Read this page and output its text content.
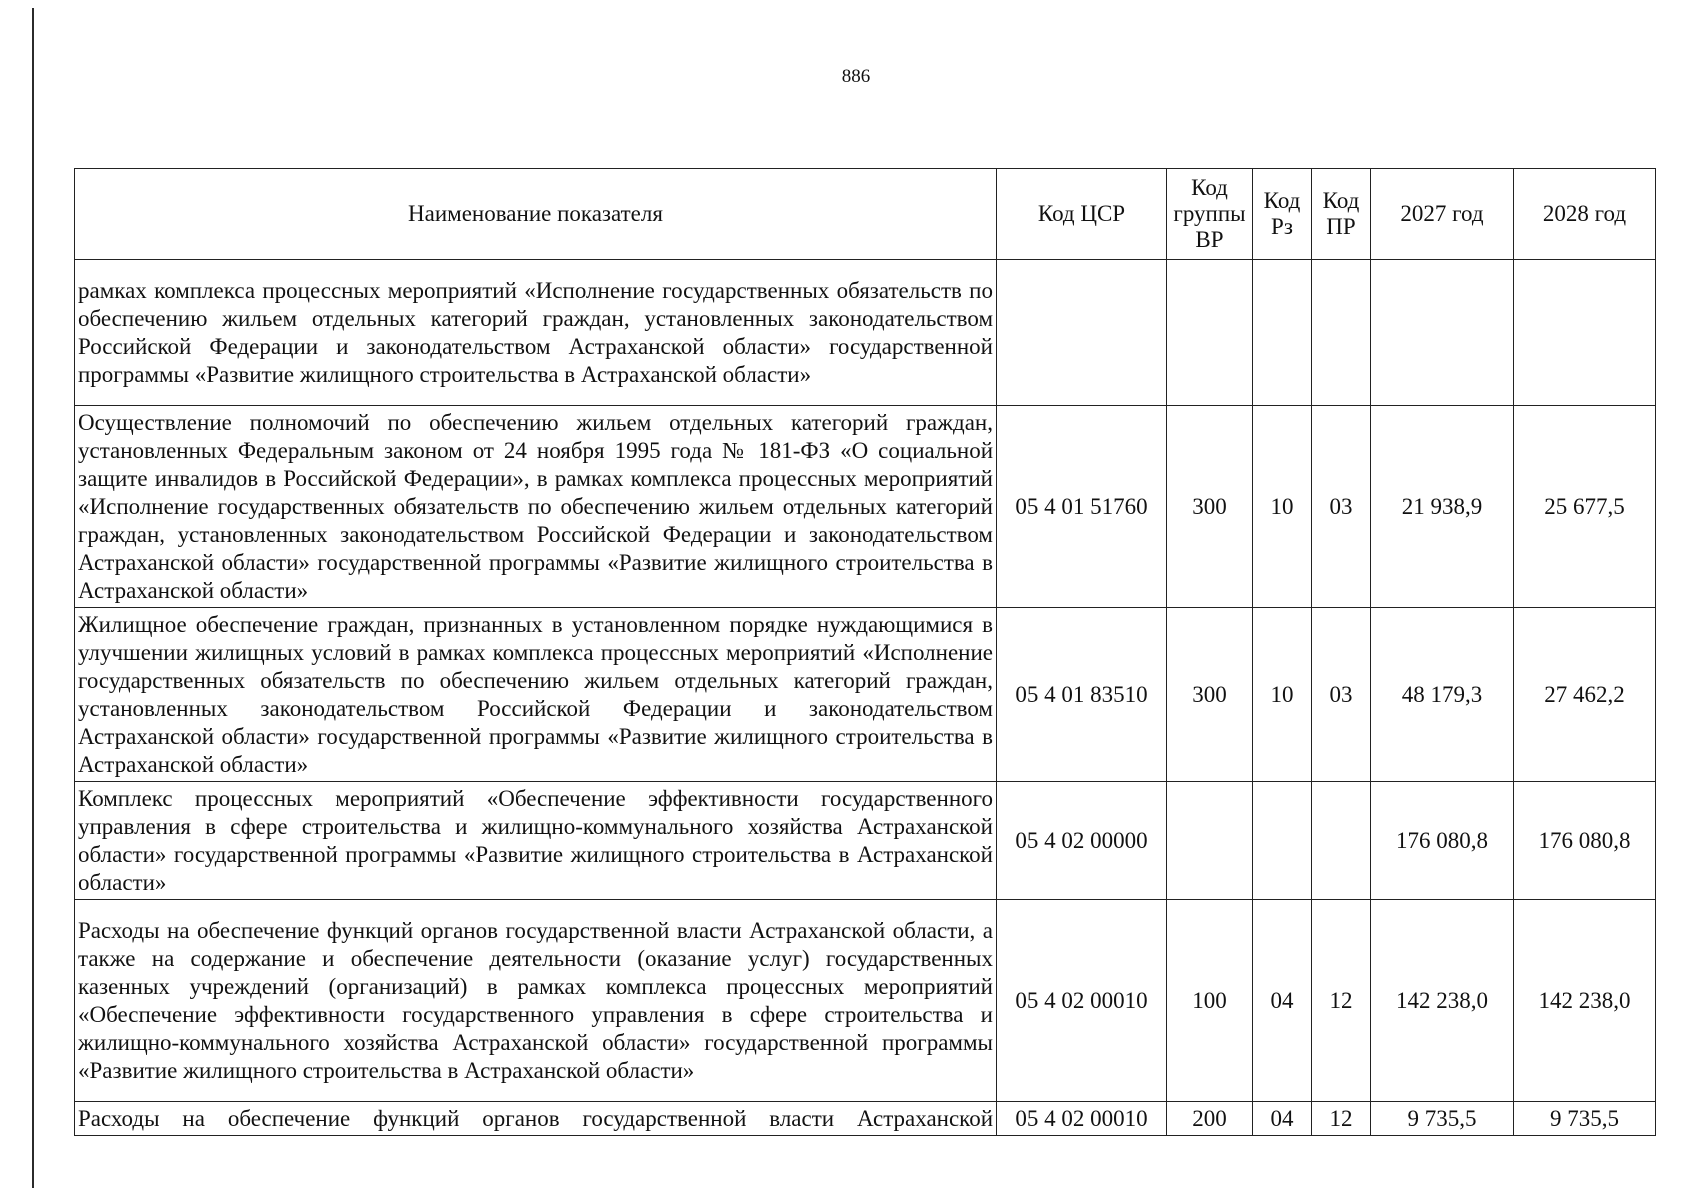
886
Наименование показателя	Код ЦСР	Код группы ВР	Код Рз	Код ПР	2027 год	2028 год
рамках комплекса процессных мероприятий «Исполнение государственных обязательств по обеспечению жильем отдельных категорий граждан, установленных законодательством Российской Федерации и законодательством Астраханской области» государственной программы «Развитие жилищного строительства в Астраханской области»						
Осуществление полномочий по обеспечению жильем отдельных категорий граждан, установленных Федеральным законом от 24 ноября 1995 года № 181-ФЗ «О социальной защите инвалидов в Российской Федерации», в рамках комплекса процессных мероприятий «Исполнение государственных обязательств по обеспечению жильем отдельных категорий граждан, установленных законодательством Российской Федерации и законодательством Астраханской области» государственной программы «Развитие жилищного строительства в Астраханской области»	05 4 01 51760	300	10	03	21 938,9	25 677,5
Жилищное обеспечение граждан, признанных в установленном порядке нуждающимися в улучшении жилищных условий в рамках комплекса процессных мероприятий «Исполнение государственных обязательств по обеспечению жильем отдельных категорий граждан, установленных законодательством Российской Федерации и законодательством Астраханской области» государственной программы «Развитие жилищного строительства в Астраханской области»	05 4 01 83510	300	10	03	48 179,3	27 462,2
Комплекс процессных мероприятий «Обеспечение эффективности государственного управления в сфере строительства и жилищно-коммунального хозяйства Астраханской области» государственной программы «Развитие жилищного строительства в Астраханской области»	05 4 02 00000				176 080,8	176 080,8
Расходы на обеспечение функций органов государственной власти Астраханской области, а также на содержание и обеспечение деятельности (оказание услуг) государственных казенных учреждений (организаций) в рамках комплекса процессных мероприятий «Обеспечение эффективности государственного управления в сфере строительства и жилищно-коммунального хозяйства Астраханской области» государственной программы «Развитие жилищного строительства в Астраханской области»	05 4 02 00010	100	04	12	142 238,0	142 238,0
Расходы на обеспечение функций органов государственной власти Астраханской	05 4 02 00010	200	04	12	9 735,5	9 735,5
